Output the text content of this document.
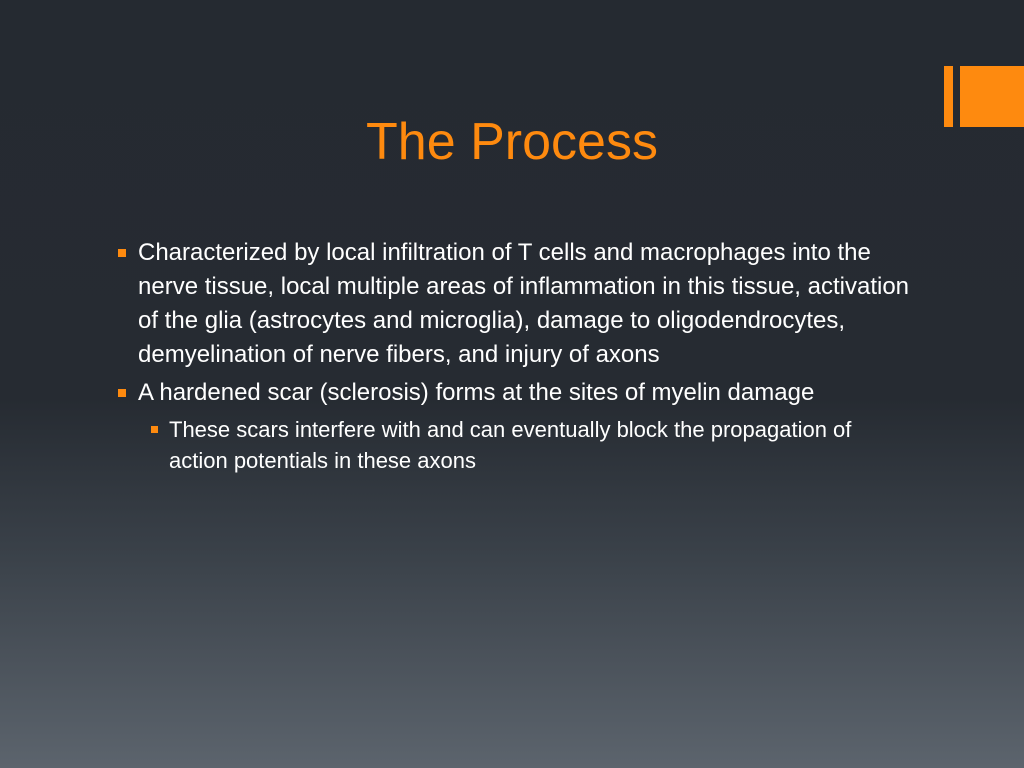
The Process
Characterized by local infiltration of T cells and macrophages into the nerve tissue, local multiple areas of inflammation in this tissue, activation of the glia (astrocytes and microglia), damage to oligodendrocytes, demyelination of nerve fibers, and injury of axons
A hardened scar (sclerosis) forms at the sites of myelin damage
These scars interfere with and can eventually block the propagation of action potentials in these axons
